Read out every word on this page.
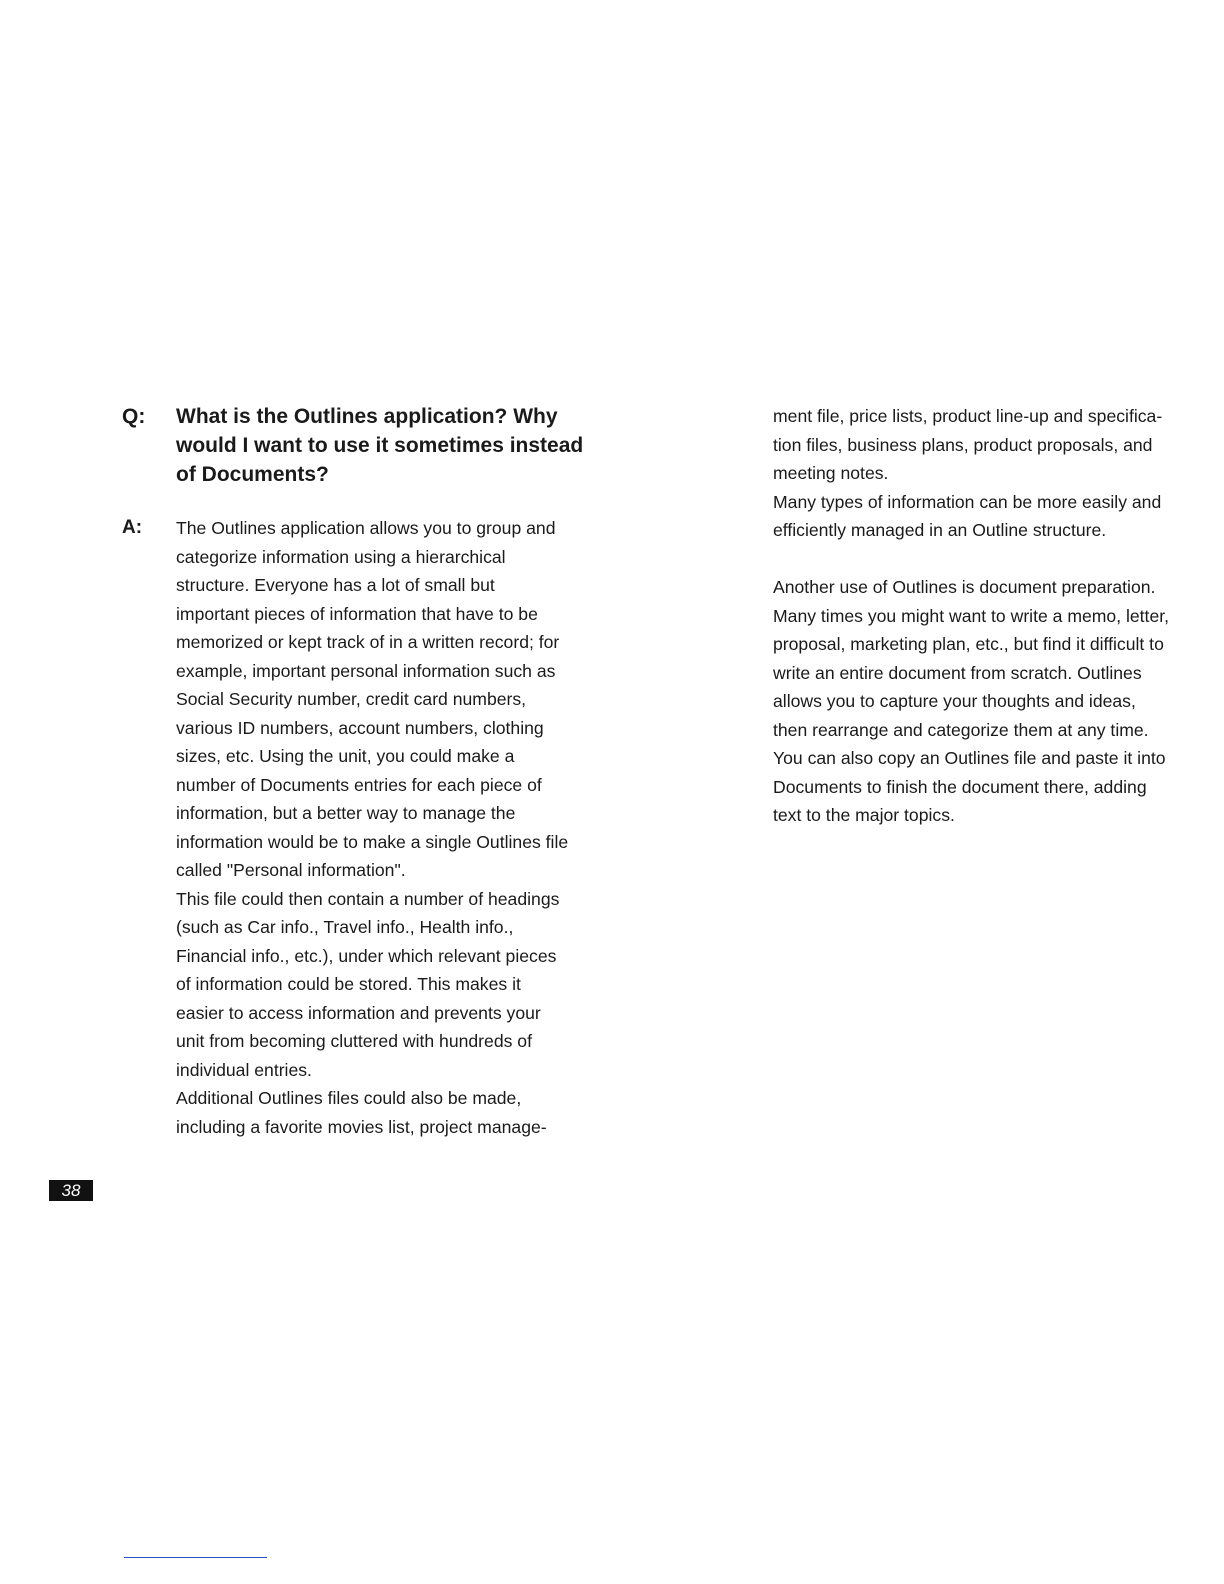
Q: What is the Outlines application? Why
would I want to use it sometimes instead
of Documents?
A: The Outlines application allows you to group and
categorize information using a hierarchical
structure. Everyone has a lot of small but
important pieces of information that have to be
memorized or kept track of in a written record; for
example, important personal information such as
Social Security number, credit card numbers,
various ID numbers, account numbers, clothing
sizes, etc. Using the unit, you could make a
number of Documents entries for each piece of
information, but a better way to manage the
information would be to make a single Outlines file
called "Personal information".
This file could then contain a number of headings
(such as Car info., Travel info., Health info.,
Financial info., etc.), under which relevant pieces
of information could be stored. This makes it
easier to access information and prevents your
unit from becoming cluttered with hundreds of
individual entries.
Additional Outlines files could also be made,
including a favorite movies list, project manage-
ment file, price lists, product line-up and specifica-
tion files, business plans, product proposals, and
meeting notes.
Many types of information can be more easily and
efficiently managed in an Outline structure.
Another use of Outlines is document preparation.
Many times you might want to write a memo, letter,
proposal, marketing plan, etc., but find it difficult to
write an entire document from scratch. Outlines
allows you to capture your thoughts and ideas,
then rearrange and categorize them at any time.
You can also copy an Outlines file and paste it into
Documents to finish the document there, adding
text to the major topics.
38
